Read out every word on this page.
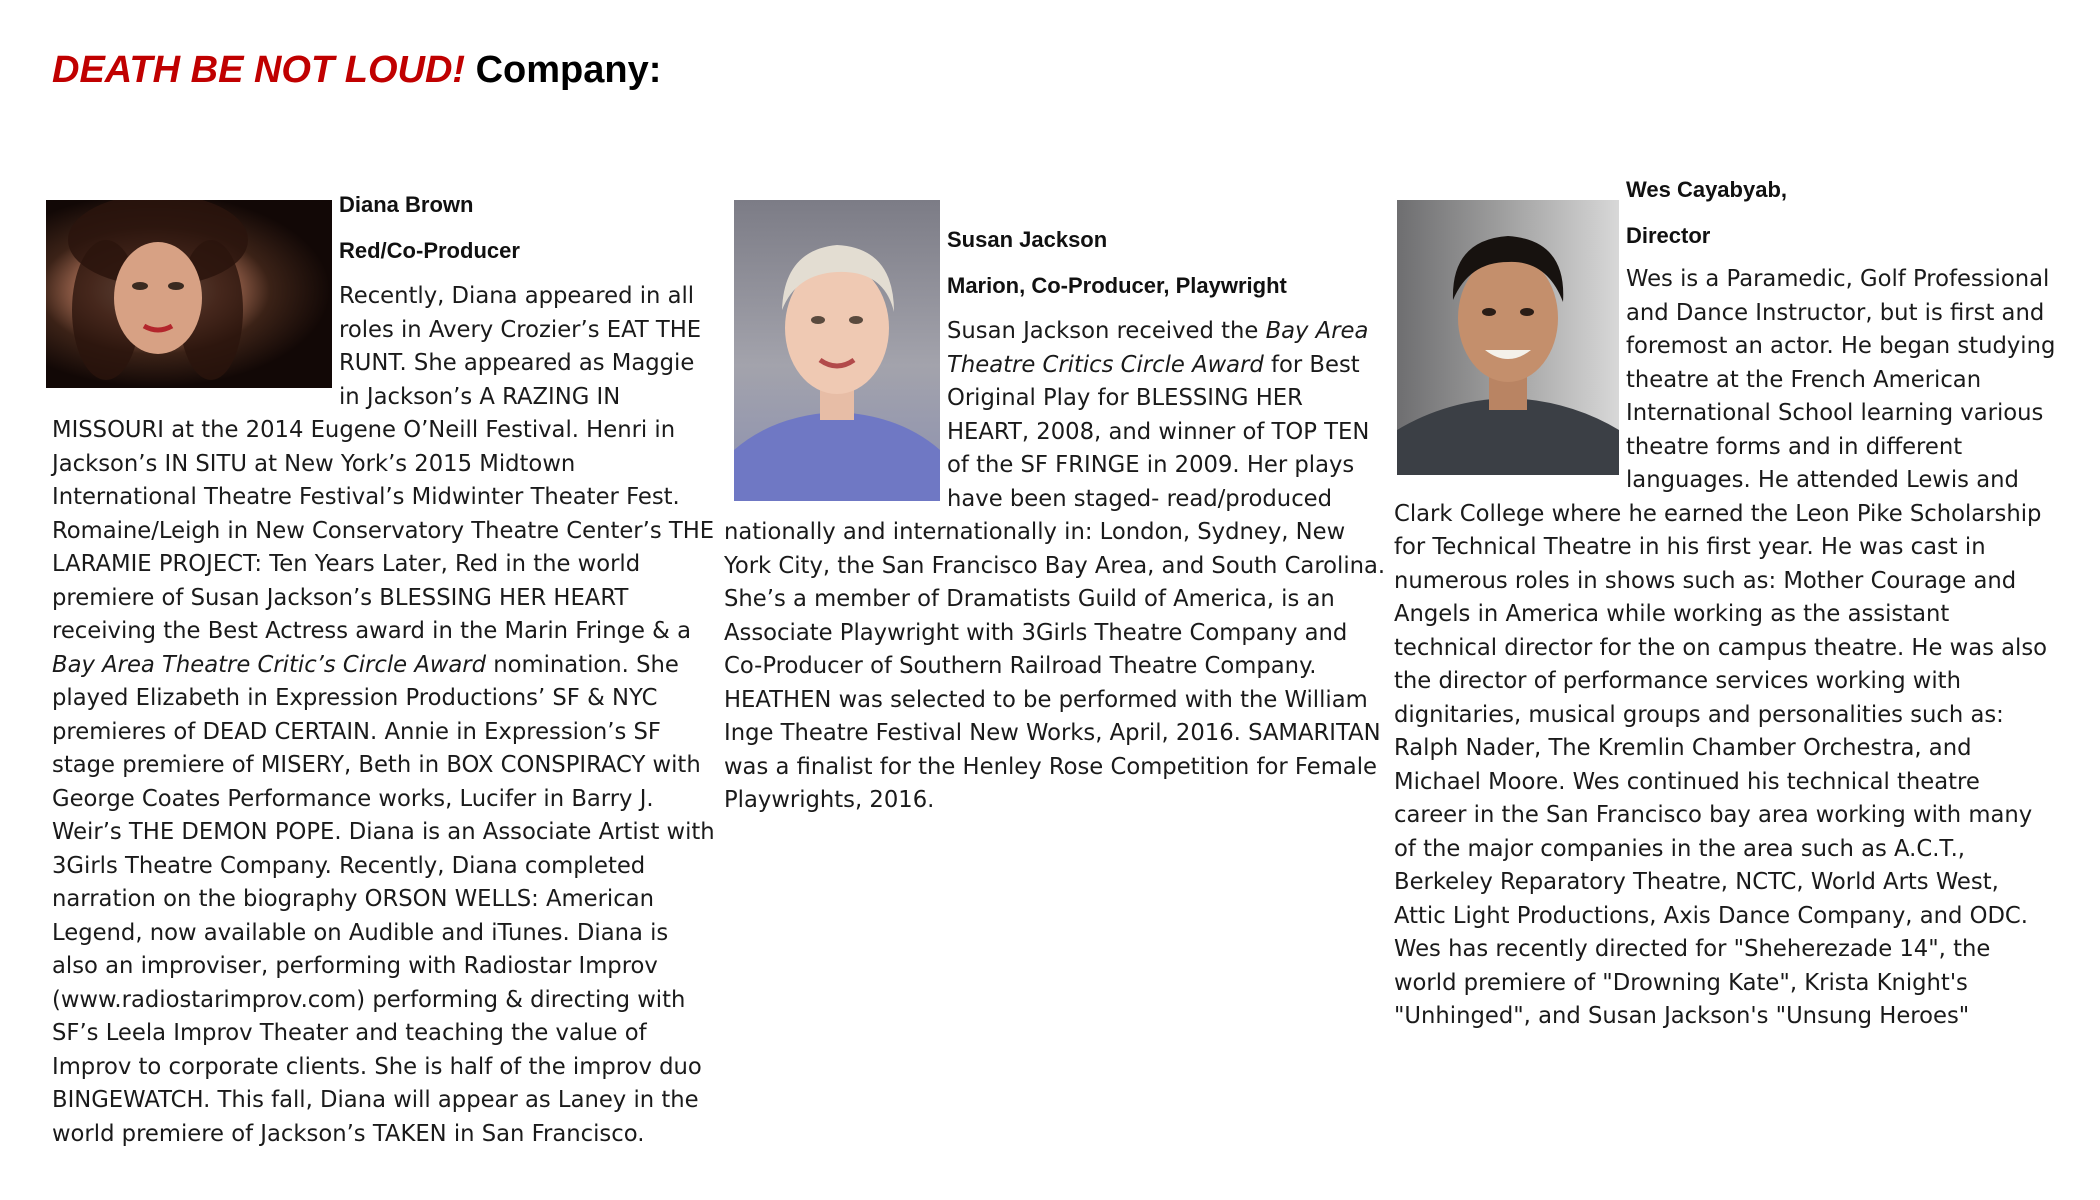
DEATH BE NOT LOUD! Company:

Diana Brown

Red/Co-Producer

Recently, Diana appeared in all roles in Avery Crozier’s EAT THE RUNT. She appeared as Maggie in Jackson’s A RAZING IN MISSOURI at the 2014 Eugene O’Neill Festival. Henri in Jackson’s IN SITU at New York’s 2015 Midtown International Theatre Festival’s Midwinter Theater Fest. Romaine/Leigh in New Conservatory Theatre Center’s THE LARAMIE PROJECT: Ten Years Later, Red in the world premiere of Susan Jackson’s BLESSING HER HEART receiving the Best Actress award in the Marin Fringe & a Bay Area Theatre Critic’s Circle Award nomination. She played Elizabeth in Expression Productions’ SF & NYC premieres of DEAD CERTAIN. Annie in Expression’s SF stage premiere of MISERY, Beth in BOX CONSPIRACY with George Coates Performance works, Lucifer in Barry J. Weir’s THE DEMON POPE. Diana is an Associate Artist with 3Girls Theatre Company. Recently, Diana completed narration on the biography ORSON WELLS: American Legend, now available on Audible and iTunes. Diana is also an improviser, performing with Radiostar Improv (www.radiostarimprov.com) performing & directing with SF’s Leela Improv Theater and teaching the value of Improv to corporate clients. She is half of the improv duo BINGEWATCH. This fall, Diana will appear as Laney in the world premiere of Jackson’s TAKEN in San Francisco.

Susan Jackson

Marion, Co-Producer, Playwright

Susan Jackson received the Bay Area Theatre Critics Circle Award for Best Original Play for BLESSING HER HEART, 2008, and winner of TOP TEN of the SF FRINGE in 2009. Her plays have been staged- read/produced nationally and internationally in: London, Sydney, New York City, the San Francisco Bay Area, and South Carolina. She’s a member of Dramatists Guild of America, is an Associate Playwright with 3Girls Theatre Company and Co-Producer of Southern Railroad Theatre Company. HEATHEN was selected to be performed with the William Inge Theatre Festival New Works, April, 2016. SAMARITAN was a finalist for the Henley Rose Competition for Female Playwrights, 2016.

Wes Cayabyab,

Director

Wes is a Paramedic, Golf Professional and Dance Instructor, but is first and foremost an actor. He began studying theatre at the French American International School learning various theatre forms and in different languages. He attended Lewis and Clark College where he earned the Leon Pike Scholarship for Technical Theatre in his first year. He was cast in numerous roles in shows such as: Mother Courage and Angels in America while working as the assistant technical director for the on campus theatre. He was also the director of performance services working with dignitaries, musical groups and personalities such as: Ralph Nader, The Kremlin Chamber Orchestra, and Michael Moore. Wes continued his technical theatre career in the San Francisco bay area working with many of the major companies in the area such as A.C.T., Berkeley Reparatory Theatre, NCTC, World Arts West, Attic Light Productions, Axis Dance Company, and ODC. Wes has recently directed for "Sheherezade 14", the world premiere of "Drowning Kate", Krista Knight's "Unhinged", and Susan Jackson's "Unsung Heroes"
